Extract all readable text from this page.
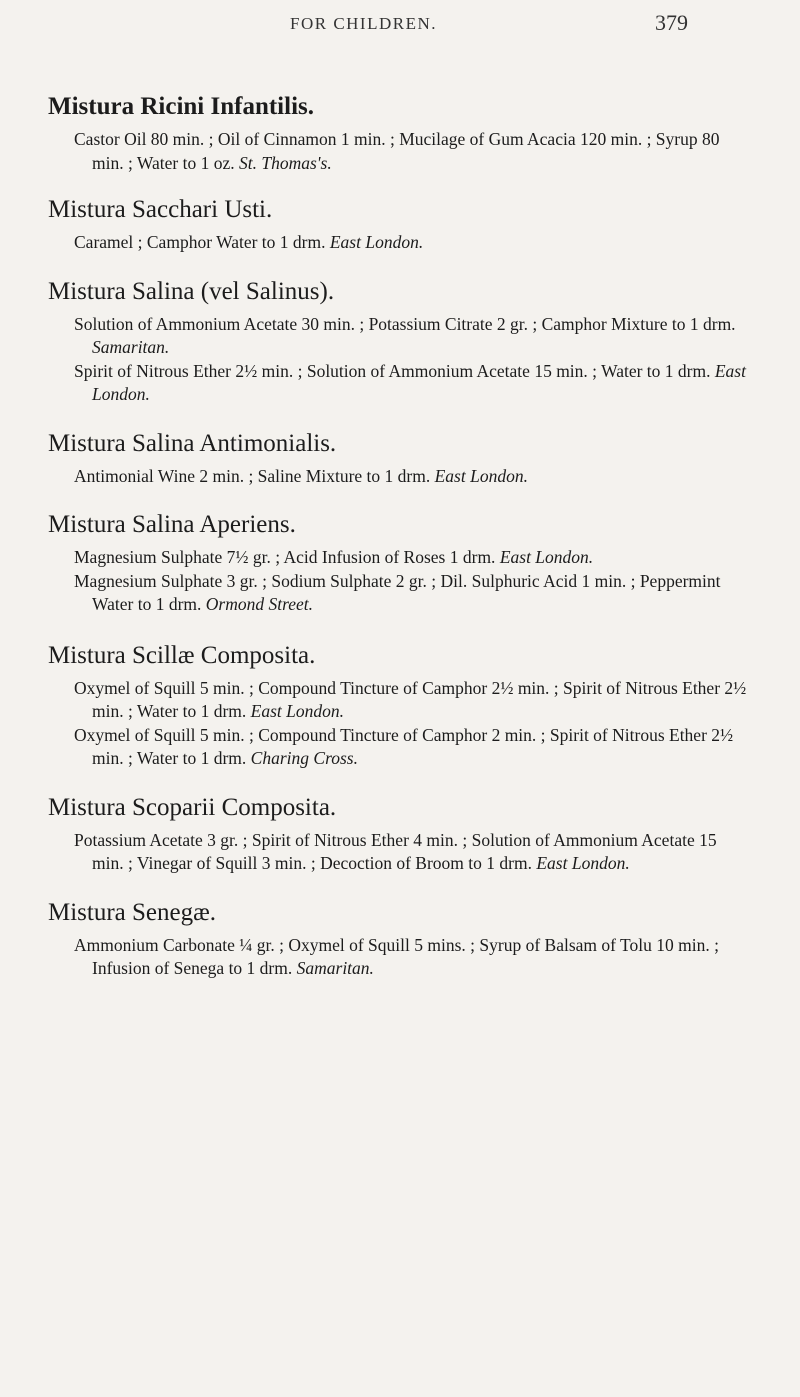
FOR CHILDREN.	379
Mistura Ricini Infantilis.

Castor Oil 80 min. ; Oil of Cinnamon 1 min. ; Mucilage of Gum Acacia 120 min. ; Syrup 80 min. ; Water to 1 oz. St. Thomas's.

Mistura Sacchari Usti.

Caramel ; Camphor Water to 1 drm. East London.

Mistura Salina (vel Salinus).

Solution of Ammonium Acetate 30 min. ; Potassium Citrate 2 gr. ; Camphor Mixture to 1 drm. Samaritan.

Spirit of Nitrous Ether 2½ min. ; Solution of Ammonium Acetate 15 min. ; Water to 1 drm. East London.

Mistura Salina Antimonialis.

Antimonial Wine 2 min. ; Saline Mixture to 1 drm. East London.

Mistura Salina Aperiens.

Magnesium Sulphate 7½ gr. ; Acid Infusion of Roses 1 drm. East London.

Magnesium Sulphate 3 gr. ; Sodium Sulphate 2 gr. ; Dil. Sulphuric Acid 1 min. ; Peppermint Water to 1 drm. Ormond Street.

Mistura Scillæ Composita.

Oxymel of Squill 5 min. ; Compound Tincture of Camphor 2½ min. ; Spirit of Nitrous Ether 2½ min. ; Water to 1 drm. East London.

Oxymel of Squill 5 min. ; Compound Tincture of Camphor 2 min. ; Spirit of Nitrous Ether 2½ min. ; Water to 1 drm. Charing Cross.

Mistura Scoparii Composita.

Potassium Acetate 3 gr. ; Spirit of Nitrous Ether 4 min. ; Solution of Ammonium Acetate 15 min. ; Vinegar of Squill 3 min. ; Decoction of Broom to 1 drm. East London.

Mistura Senegæ.

Ammonium Carbonate ¼ gr. ; Oxymel of Squill 5 mins. ; Syrup of Balsam of Tolu 10 min. ; Infusion of Senega to 1 drm. Samaritan.
